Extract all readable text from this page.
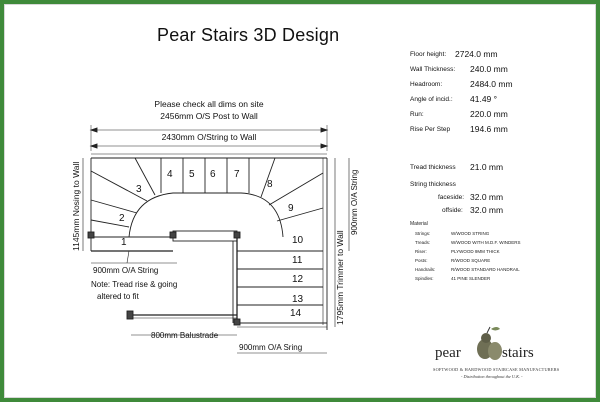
Pear Stairs 3D Design
1
2
3
4 5 6 7
8
9
10
11
12
13
14
Please check all dims on site
2456mm O/S Post to Wall
2430mm O/String to Wall
900mm O/A String
Note: Tread rise & going
altered to fit
800mm Balustrade
900mm O/A Sring
1145mm Nosing to Wall
1795mm Trimmer to Wall
900mm O/A String
Floor height: 2724.0 mm
Wall Thickness: 240.0 mm
Headroom:	2484.0 mm
Angle of incid.: 41.49 °
Run:	220.0 mm
Rise Per Step 194.6 mm
Tread thickness 21.0 mm
String thickness
faceside: 32.0 mm
offside: 32.0 mm
Material
Strings:	W/WOOD STRING
Treads:	W/WOOD WITH M.D.F. WINDERS
Riser:	PLYWOOD 9MM THICK
Posts:	R/WOOD SQUARE
Handrails:	R/WOOD STANDARD HANDRAIL
Spindles:	41 PINE SLENDER
pear	stairs
SOFTWOOD & HARDWOOD STAIRCASE MANUFACTURERS
- Distribution throughout the U.K. -
